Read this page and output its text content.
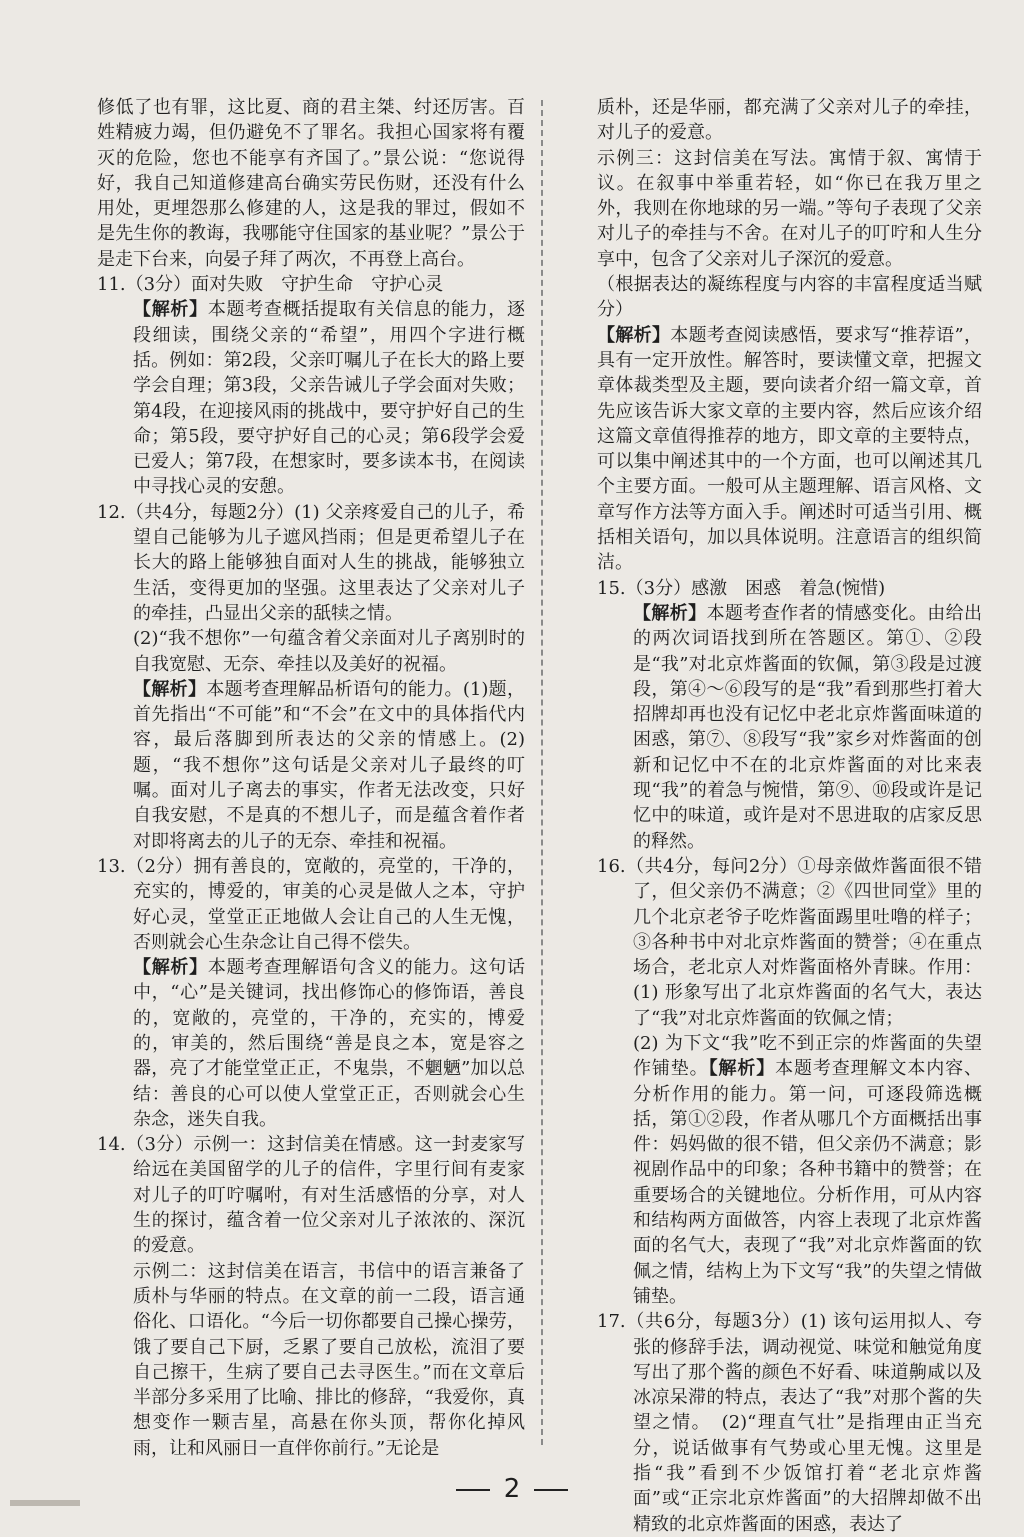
修低了也有罪，这比夏、商的君主桀、纣还厉害。百姓精疲力竭，但仍避免不了罪名。我担心国家将有覆灭的危险，您也不能享有齐国了。”景公说：“您说得好，我自己知道修建高台确实劳民伤财，还没有什么用处，更埋怨那么修建的人，这是我的罪过，假如不是先生你的教诲，我哪能守住国家的基业呢？”景公于是走下台来，向晏子拜了两次，不再登上高台。

11.（3分）面对失败　守护生命　守护心灵

【解析】本题考查概括提取有关信息的能力，逐段细读，围绕父亲的“希望”，用四个字进行概括。例如：第2段，父亲叮嘱儿子在长大的路上要学会自理；第3段，父亲告诫儿子学会面对失败；第4段，在迎接风雨的挑战中，要守护好自己的生命；第5段，要守护好自己的心灵；第6段学会爱已爱人；第7段，在想家时，要多读本书，在阅读中寻找心灵的安憩。

12.（共4分，每题2分）(1) 父亲疼爱自己的儿子，希望自己能够为儿子遮风挡雨；但是更希望儿子在长大的路上能够独自面对人生的挑战，能够独立生活，变得更加的坚强。这里表达了父亲对儿子的牵挂，凸显出父亲的舐犊之情。

(2)“我不想你”一句蕴含着父亲面对儿子离别时的自我宽慰、无奈、牵挂以及美好的祝福。

【解析】本题考查理解品析语句的能力。(1)题，首先指出“不可能”和“不会”在文中的具体指代内容，最后落脚到所表达的父亲的情感上。(2)题，“我不想你”这句话是父亲对儿子最终的叮嘱。面对儿子离去的事实，作者无法改变，只好自我安慰，不是真的不想儿子，而是蕴含着作者对即将离去的儿子的无奈、牵挂和祝福。

13.（2分）拥有善良的，宽敞的，亮堂的，干净的，充实的，博爱的，审美的心灵是做人之本，守护好心灵，堂堂正正地做人会让自己的人生无愧，否则就会心生杂念让自己得不偿失。

【解析】本题考查理解语句含义的能力。这句话中，“心”是关键词，找出修饰心的修饰语，善良的，宽敞的，亮堂的，干净的，充实的，博爱的，审美的，然后围绕“善是良之本，宽是容之器，亮了才能堂堂正正，不鬼祟，不魍魉”加以总结：善良的心可以使人堂堂正正，否则就会心生杂念，迷失自我。

14.（3分）示例一：这封信美在情感。这一封麦家写给远在美国留学的儿子的信件，字里行间有麦家对儿子的叮咛嘱咐，有对生活感悟的分享，对人生的探讨，蕴含着一位父亲对儿子浓浓的、深沉的爱意。

示例二：这封信美在语言，书信中的语言兼备了质朴与华丽的特点。在文章的前一二段，语言通俗化、口语化。“今后一切你都要自己操心操劳，饿了要自己下厨，乏累了要自己放松，流泪了要自己擦干，生病了要自己去寻医生。”而在文章后半部分多采用了比喻、排比的修辞，“我爱你，真想变作一颗吉星，高悬在你头顶，帮你化掉风雨，让和风丽日一直伴你前行。”无论是

质朴，还是华丽，都充满了父亲对儿子的牵挂，对儿子的爱意。

示例三：这封信美在写法。寓情于叙、寓情于议。在叙事中举重若轻，如“你已在我万里之外，我则在你地球的另一端。”等句子表现了父亲对儿子的牵挂与不舍。在对儿子的叮咛和人生分享中，包含了父亲对儿子深沉的爱意。

（根据表达的凝练程度与内容的丰富程度适当赋分）

【解析】本题考查阅读感悟，要求写“推荐语”，具有一定开放性。解答时，要读懂文章，把握文章体裁类型及主题，要向读者介绍一篇文章，首先应该告诉大家文章的主要内容，然后应该介绍这篇文章值得推荐的地方，即文章的主要特点，可以集中阐述其中的一个方面，也可以阐述其几个主要方面。一般可从主题理解、语言风格、文章写作方法等方面入手。阐述时可适当引用、概括相关语句，加以具体说明。注意语言的组织简洁。

15.（3分）感激　困惑　着急(惋惜)

【解析】本题考查作者的情感变化。由给出的两次词语找到所在答题区。第①、②段是“我”对北京炸酱面的钦佩，第③段是过渡段，第④～⑥段写的是“我”看到那些打着大招牌却再也没有记忆中老北京炸酱面味道的困惑，第⑦、⑧段写“我”家乡对炸酱面的创新和记忆中不在的北京炸酱面的对比来表现“我”的着急与惋惜，第⑨、⑩段或许是记忆中的味道，或许是对不思进取的店家反思的释然。

16.（共4分，每问2分）①母亲做炸酱面很不错了，但父亲仍不满意；②《四世同堂》里的几个北京老爷子吃炸酱面踢里吐噜的样子；③各种书中对北京炸酱面的赞誉；④在重点场合，老北京人对炸酱面格外青睐。作用：(1) 形象写出了北京炸酱面的名气大，表达了“我”对北京炸酱面的钦佩之情；

(2) 为下文“我”吃不到正宗的炸酱面的失望作铺垫。【解析】本题考查理解文本内容、分析作用的能力。第一问，可逐段筛选概括，第①②段，作者从哪几个方面概括出事件：妈妈做的很不错，但父亲仍不满意；影视剧作品中的印象；各种书籍中的赞誉；在重要场合的关键地位。分析作用，可从内容和结构两方面做答，内容上表现了北京炸酱面的名气大，表现了“我”对北京炸酱面的钦佩之情，结构上为下文写“我”的失望之情做铺垫。

17.（共6分，每题3分）(1) 该句运用拟人、夸张的修辞手法，调动视觉、味觉和触觉角度写出了那个酱的颜色不好看、味道齁咸以及冰凉呆滞的特点，表达了“我”对那个酱的失望之情。　(2)“理直气壮”是指理由正当充分，说话做事有气势或心里无愧。这里是指“我”看到不少饭馆打着“老北京炸酱面”或“正宗北京炸酱面”的大招牌却做不出精致的北京炸酱面的困惑，表达了

2
